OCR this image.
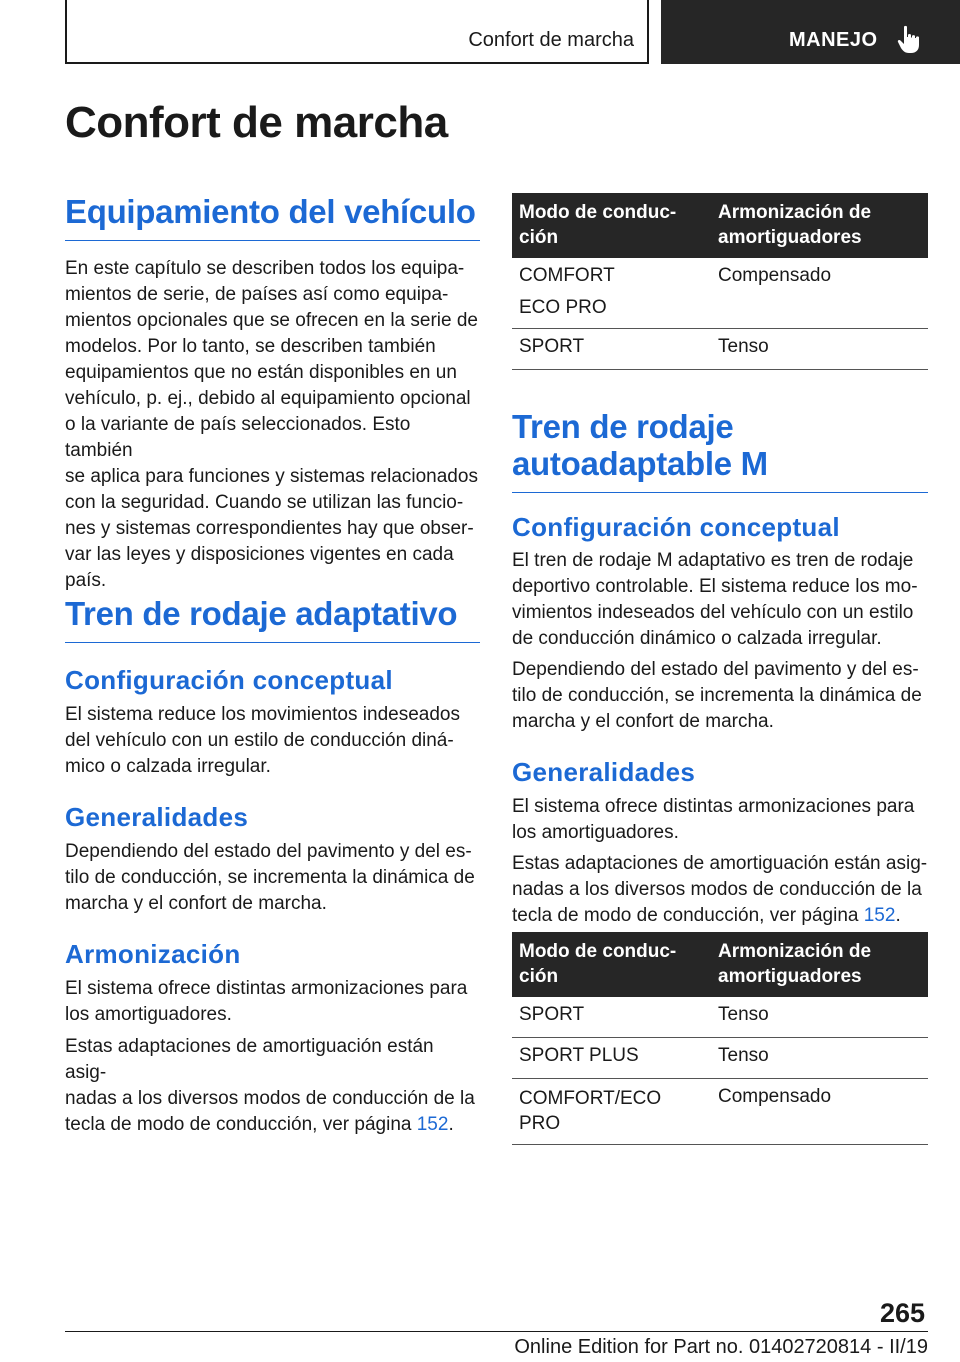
Confort de marcha	MANEJO
Confort de marcha
Equipamiento del vehículo

En este capítulo se describen todos los equipa-
mientos de serie, de países así como equipa-
mientos opcionales que se ofrecen en la serie de
modelos. Por lo tanto, se describen también
equipamientos que no están disponibles en un
vehículo, p. ej., debido al equipamiento opcional
o la variante de país seleccionados. Esto también
se aplica para funciones y sistemas relacionados
con la seguridad. Cuando se utilizan las funcio-
nes y sistemas correspondientes hay que obser-
var las leyes y disposiciones vigentes en cada
país.

Tren de rodaje adaptativo
Configuración conceptual

El sistema reduce los movimientos indeseados
del vehículo con un estilo de conducción diná-
mico o calzada irregular.

Generalidades

Dependiendo del estado del pavimento y del es-
tilo de conducción, se incrementa la dinámica de
marcha y el confort de marcha.

Armonización

El sistema ofrece distintas armonizaciones para
los amortiguadores.

Estas adaptaciones de amortiguación están asig-
nadas a los diversos modos de conducción de la
tecla de modo de conducción, ver página 152.

Modo de conduc-
ción	Armonización de
amortiguadores
COMFORT
ECO PRO	Compensado
SPORT	Tenso
Tren de rodaje
autoadaptable M
Configuración conceptual

El tren de rodaje M adaptativo es tren de rodaje
deportivo controlable. El sistema reduce los mo-
vimientos indeseados del vehículo con un estilo
de conducción dinámico o calzada irregular.

Dependiendo del estado del pavimento y del es-
tilo de conducción, se incrementa la dinámica de
marcha y el confort de marcha.

Generalidades

El sistema ofrece distintas armonizaciones para
los amortiguadores.

Estas adaptaciones de amortiguación están asig-
nadas a los diversos modos de conducción de la
tecla de modo de conducción, ver página 152.

Modo de conduc-
ción	Armonización de
amortiguadores
SPORT	Tenso
SPORT PLUS	Tenso
COMFORT/ECO
PRO	Compensado
265
Online Edition for Part no. 01402720814 - II/19
